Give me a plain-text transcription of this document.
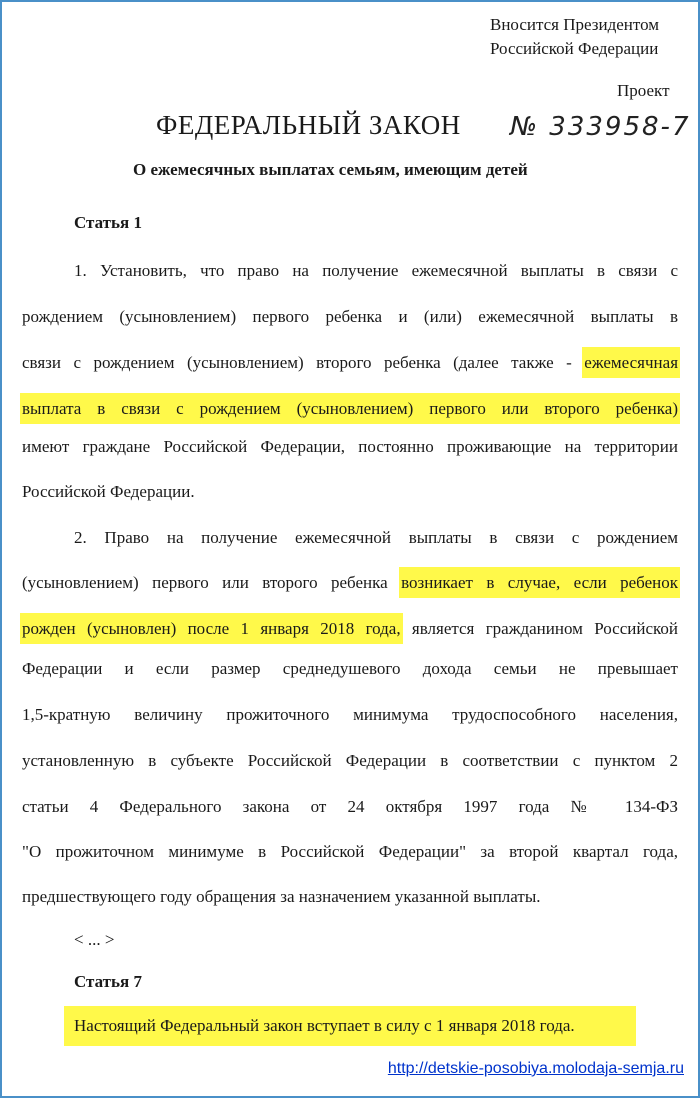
Вносится Президентом
Российской Федерации
Проект
ФЕДЕРАЛЬНЫЙ ЗАКОН № 333958-7
О ежемесячных выплатах семьям, имеющим детей
Статья 1
1. Установить, что право на получение ежемесячной выплаты в связи с
рождением (усыновлением) первого ребенка и (или) ежемесячной выплаты в
связи с рождением (усыновлением) второго ребенка (далее также - ежемесячная
выплата в связи с рождением (усыновлением) первого или второго ребенка)
имеют граждане Российской Федерации, постоянно проживающие на территории
Российской Федерации.
2. Право на получение ежемесячной выплаты в связи с рождением
(усыновлением) первого или второго ребенка возникает в случае, если ребенок
рожден (усыновлен) после 1 января 2018 года, является гражданином Российской
Федерации и если размер среднедушевого дохода семьи не превышает
1,5-кратную величину прожиточного минимума трудоспособного населения,
установленную в субъекте Российской Федерации в соответствии с пунктом 2
статьи 4 Федерального закона от 24 октября 1997 года № 134-ФЗ
"О прожиточном минимуме в Российской Федерации" за второй квартал года,
предшествующего году обращения за назначением указанной выплаты.
< ... >
Статья 7
Настоящий Федеральный закон вступает в силу с 1 января 2018 года.
http://detskie-posobiya.molodaja-semja.ru
